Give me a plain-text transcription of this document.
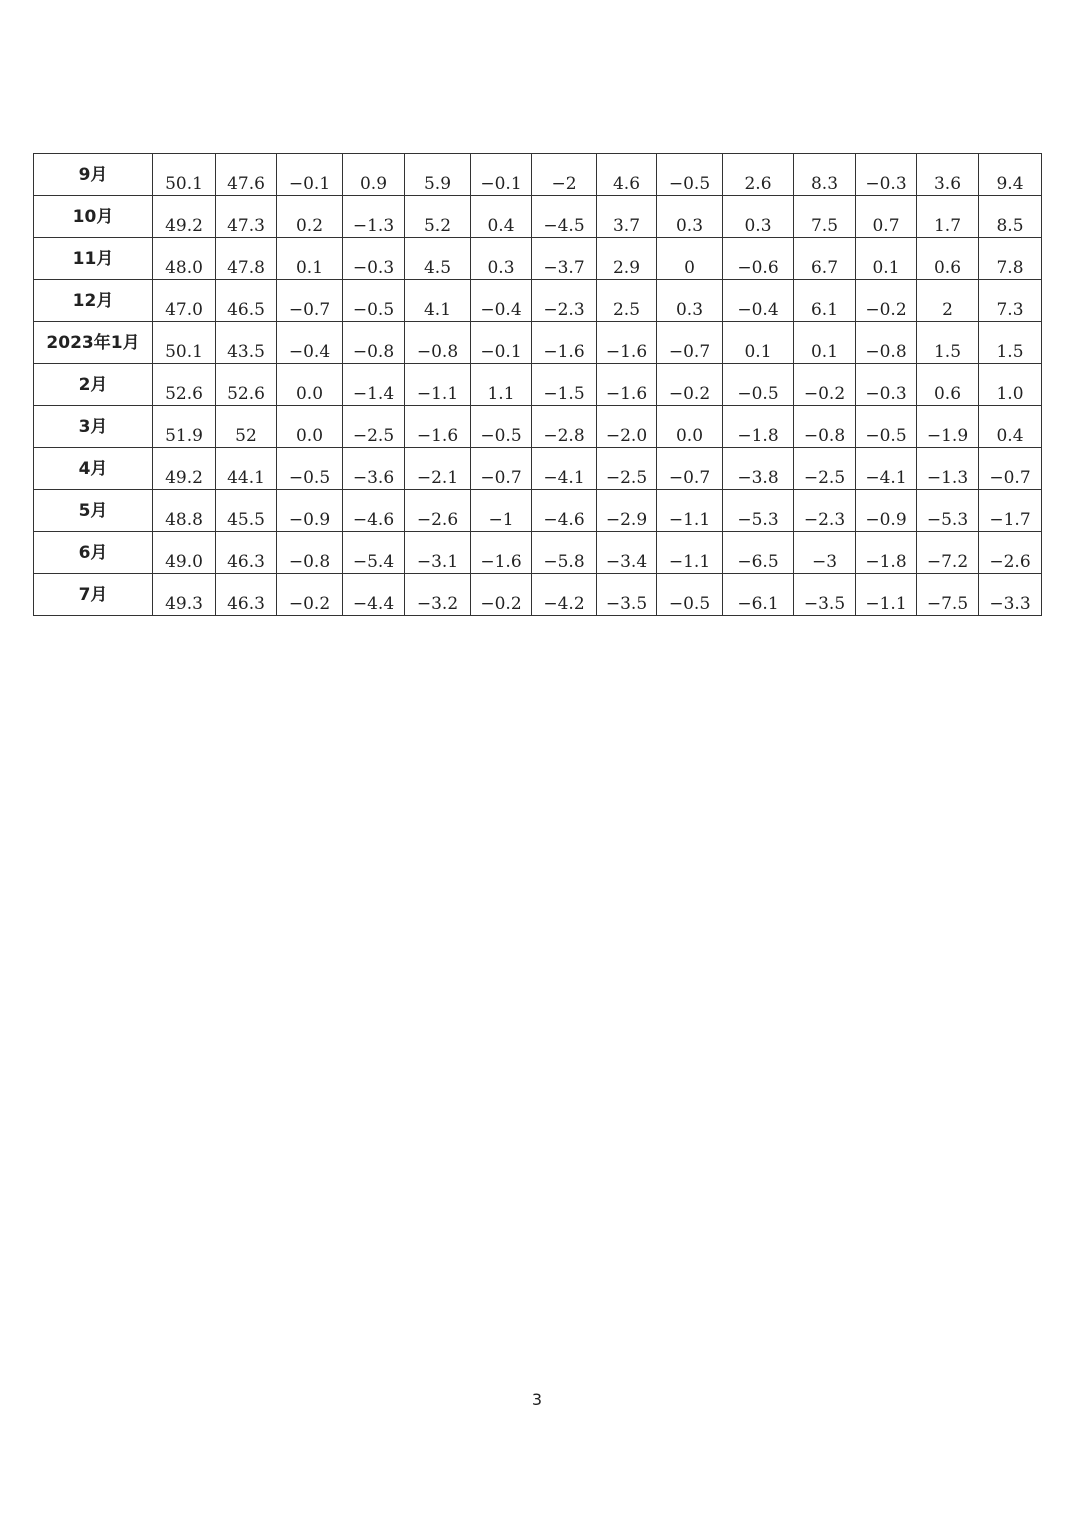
9月	50.1	47.6	−0.1	0.9	5.9	−0.1	−2	4.6	−0.5	2.6	8.3	−0.3	3.6	9.4
10月	49.2	47.3	0.2	−1.3	5.2	0.4	−4.5	3.7	0.3	0.3	7.5	0.7	1.7	8.5
11月	48.0	47.8	0.1	−0.3	4.5	0.3	−3.7	2.9	0	−0.6	6.7	0.1	0.6	7.8
12月	47.0	46.5	−0.7	−0.5	4.1	−0.4	−2.3	2.5	0.3	−0.4	6.1	−0.2	2	7.3
2023年1月	50.1	43.5	−0.4	−0.8	−0.8	−0.1	−1.6	−1.6	−0.7	0.1	0.1	−0.8	1.5	1.5
2月	52.6	52.6	0.0	−1.4	−1.1	1.1	−1.5	−1.6	−0.2	−0.5	−0.2	−0.3	0.6	1.0
3月	51.9	52	0.0	−2.5	−1.6	−0.5	−2.8	−2.0	0.0	−1.8	−0.8	−0.5	−1.9	0.4
4月	49.2	44.1	−0.5	−3.6	−2.1	−0.7	−4.1	−2.5	−0.7	−3.8	−2.5	−4.1	−1.3	−0.7
5月	48.8	45.5	−0.9	−4.6	−2.6	−1	−4.6	−2.9	−1.1	−5.3	−2.3	−0.9	−5.3	−1.7
6月	49.0	46.3	−0.8	−5.4	−3.1	−1.6	−5.8	−3.4	−1.1	−6.5	−3	−1.8	−7.2	−2.6
7月	49.3	46.3	−0.2	−4.4	−3.2	−0.2	−4.2	−3.5	−0.5	−6.1	−3.5	−1.1	−7.5	−3.3
3
